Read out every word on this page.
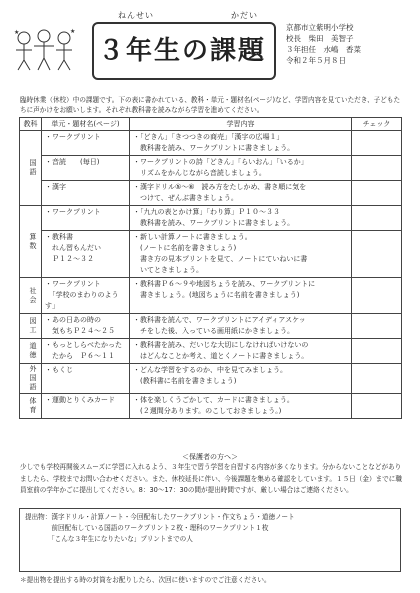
★	★
ねんせい	かだい
３年生の課題
京都市立紫明小学校
校長　柴田　美智子
３年担任　水嶋　香菜
令和２年５月８日
臨時休業（休校）中の課題です。下の表に書かれている、教科・単元・題材名(ページ)など、学習内容を見ていただき、子どもたちに声かけをお願いします。それぞれ教科書を読みながら学習を進めてください。
教科	単元・題材名(ページ)	学習内容	チェック
国語	・ワークプリント	・「どきん」「きつつきの商売」「漢字の広場１」
　教科書を読み、ワークプリントに書きましょう。	
	・音読　　(毎日)	・ワークプリントの詩「どきん」「らいおん」「いるか」
　リズムをかんじながら音読しましょう。	
	・漢字	・漢字ドリル⑤〜⑥　読み方をたしかめ、書き順に気を
　つけて、ぜんぶ書きましょう。	
算数	・ワークプリント	・「九九の表とかけ算」「わり算」Ｐ１０〜３３
　教科書を読み、ワークプリントに書きましょう。	
	・教科書
　れん習もんだい
　Ｐ１２〜３２	・新しい計算ノートに書きましょう。
　(ノートに名前を書きましょう)
　書き方の見本プリントを見て、ノートにていねいに書
　いてときましょう。	
社会	・ワークプリント
　「学校のまわりのようす」	・教科書Ｐ６〜９や地図ちょうを読み、ワークプリントに
　書きましょう。(地図ちょうに名前を書きましょう)	
図工	・あの日あの時の
　気もちＰ２４〜２５	・教科書を読んで、ワークプリントにアイディアスケッ
　チをした後、入っている画用紙にかきましょう。	
道徳	・もっとしらべたかった
　たから　Ｐ６〜１１	・教科書を読み、だいじな大切にしなければいけないの
　はどんなことか考え、道とくノートに書きましょう。	
外国語	・もくじ	・どんな学習をするのか、中を見てみましょう。
　(教科書に名前を書きましょう)	
体育	・運動とりくみカード	・体を楽しくうごかして、カードに書きましょう。
　(２週間分あります。のこしておきましょう。)	
＜保護者の方へ＞
少しでも学校再開後スムーズに学習に入れるよう、３年生で習う学習を自習する内容が多くなります。分からないことなどがありましたら、学校までお問い合わせください。また、休校延長に伴い、今後課題を集める確認をしています。１５日（金）までに職員室前の学年かごに提出してください。8：30〜17：30の間が提出時間ですが、厳しい場合はご連絡ください。
提出物：漢字ドリル・計算ノート・今回配布したワークプリント・作文ちょう・道徳ノート
　　　　前回配布している国語のワークプリント２枚・理科のワークプリント１枚
　　　　「こんな３年生になりたいな」プリントまでの人
＊提出物を提出する時の封筒をお配りしたら、次回に使いますのでご注意ください。
